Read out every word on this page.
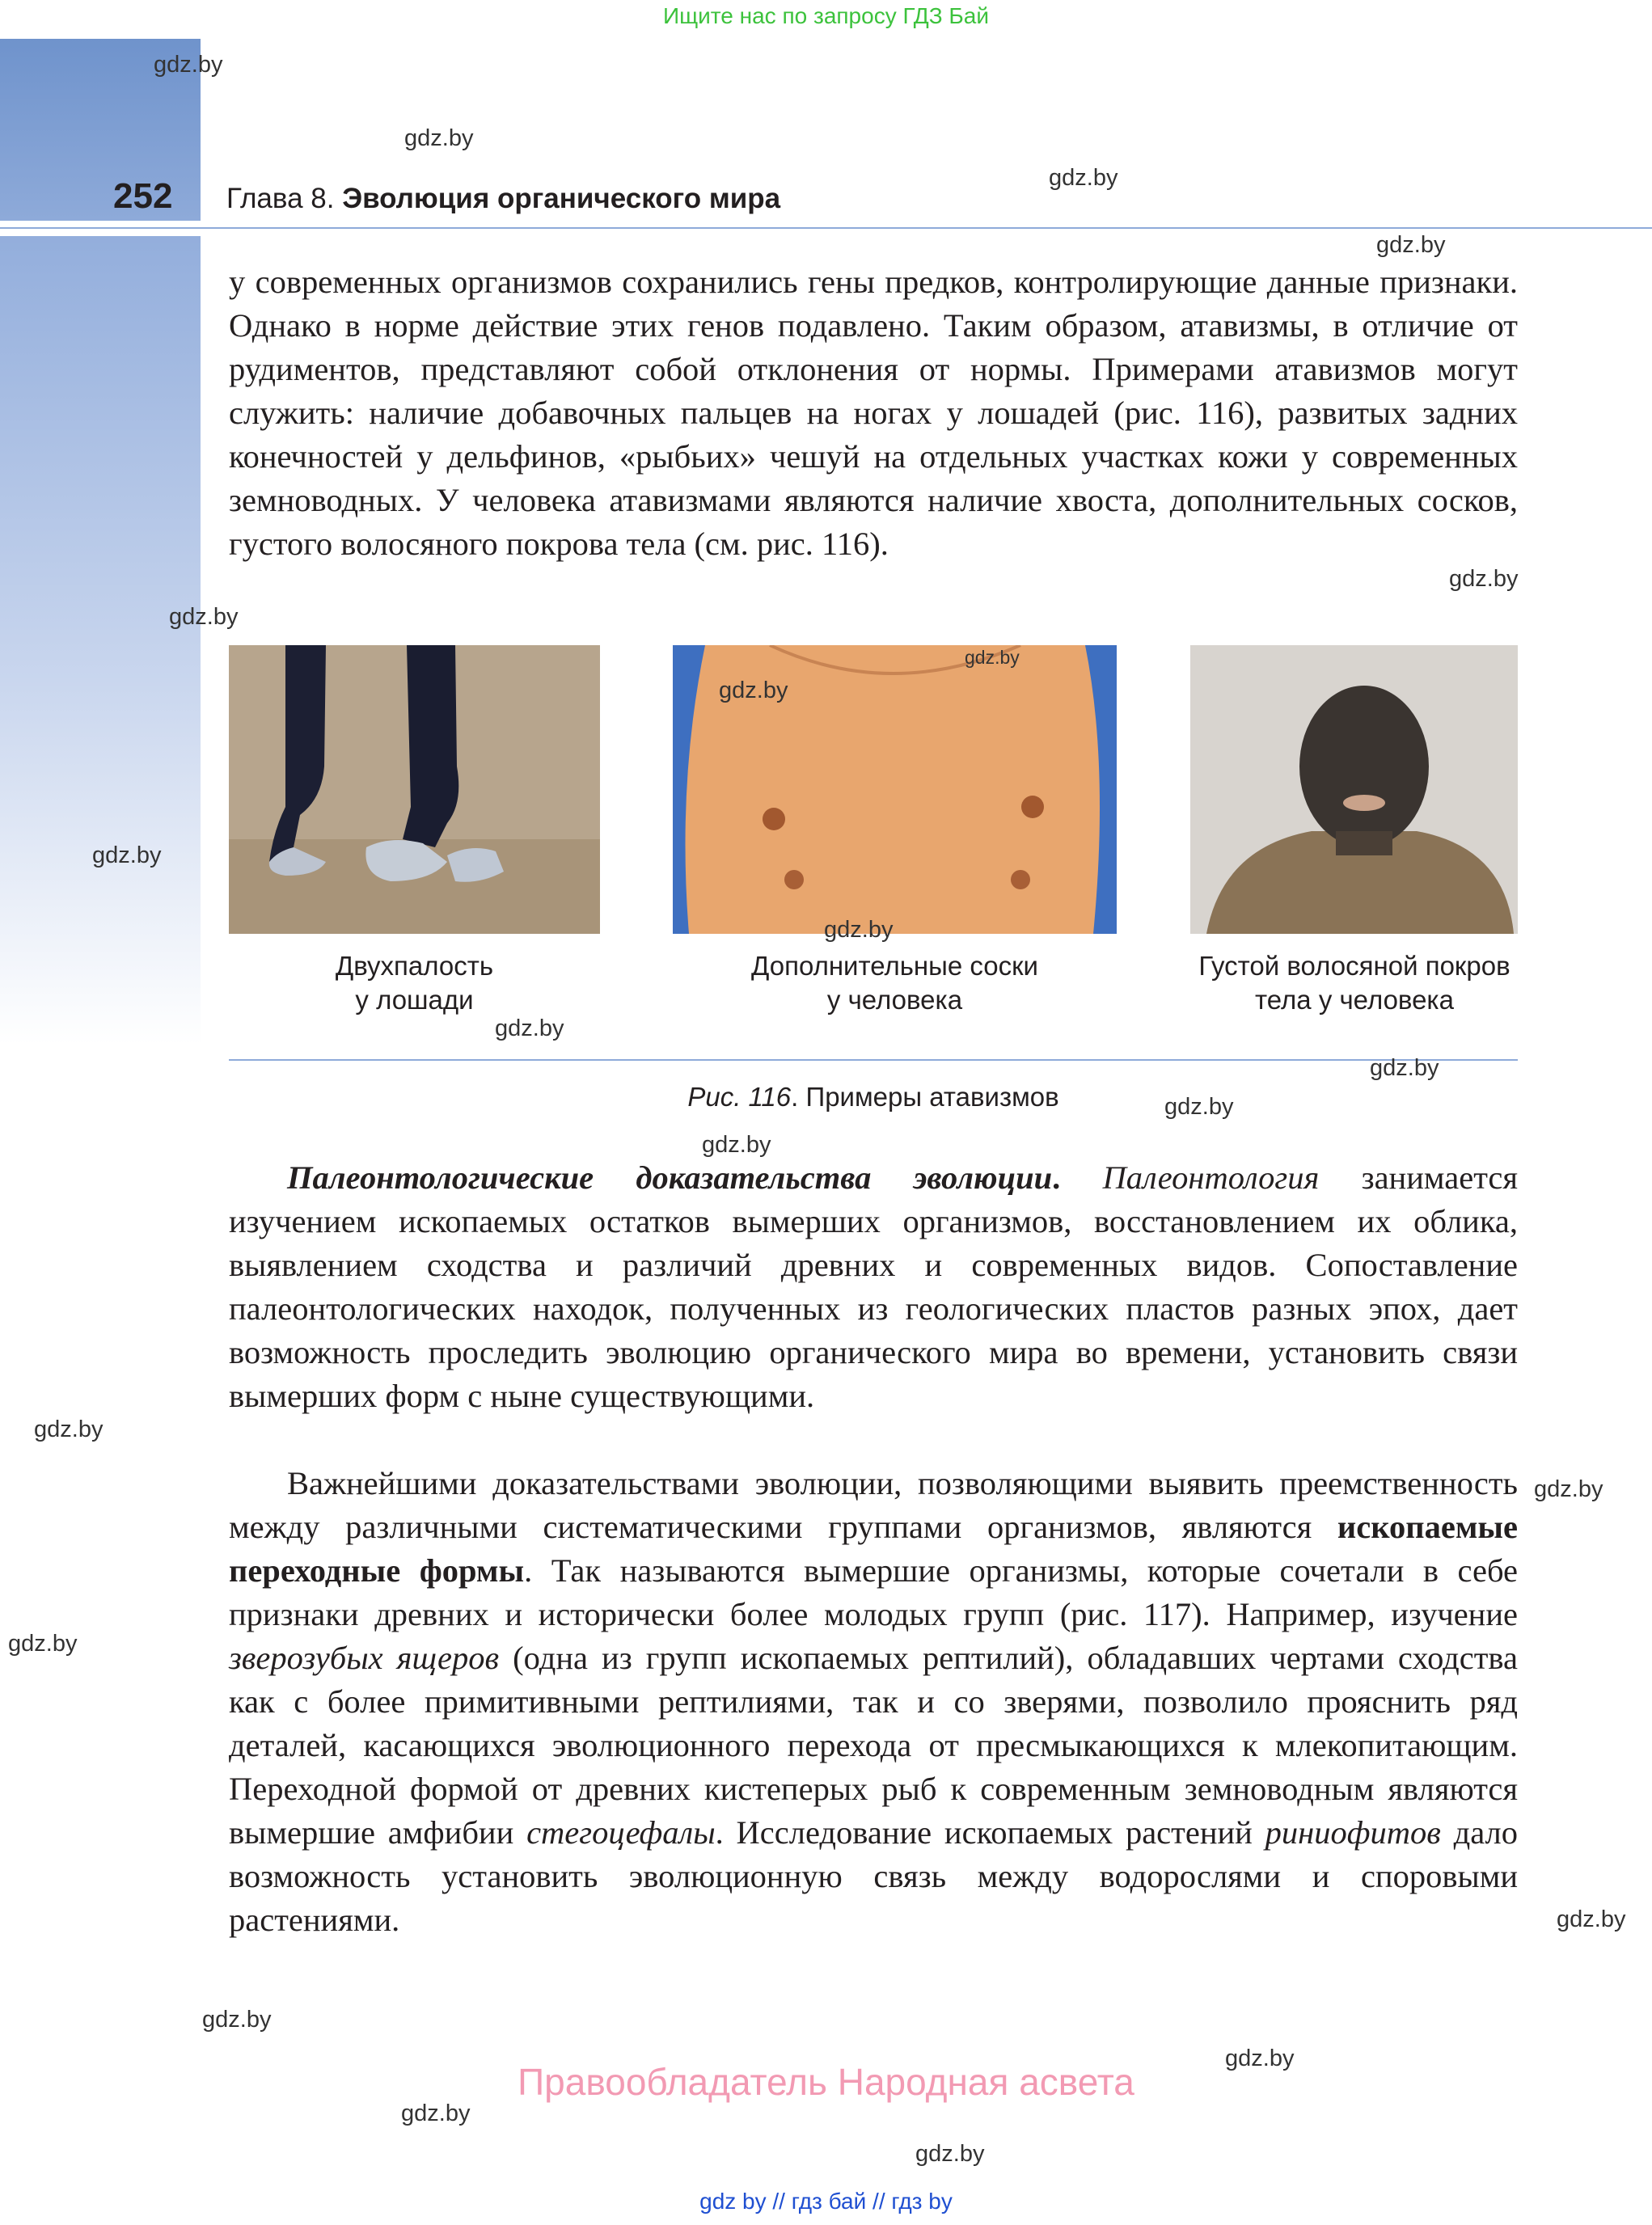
Ищите нас по запросу ГДЗ Бай
252 Глава 8. Эволюция органического мира

у современных организмов сохранились гены предков, контролирующие данные признаки. Однако в норме действие этих генов подавлено. Таким образом, атавизмы, в отличие от рудиментов, представляют собой отклонения от нормы. Примерами атавизмов могут служить: наличие добавочных пальцев на ногах у лошадей (рис. 116), развитых задних конечностей у дельфинов, «рыбьих» чешуй на отдельных участках кожи у современных земноводных. У человека атавизмами являются наличие хвоста, дополнительных сосков, густого волосяного покрова тела (см. рис. 116).

Двухпалость
у лошади
Дополнительные соски
у человека
Густой волосяной покров
тела у человека
Рис. 116. Примеры атавизмов

Палеонтологические доказательства эволюции. Палеонтология занимается изучением ископаемых остатков вымерших организмов, восстановлением их облика, выявлением сходства и различий древних и современных видов. Сопоставление палеонтологических находок, полученных из геологических пластов разных эпох, дает возможность проследить эволюцию органического мира во времени, установить связи вымерших форм с ныне существующими.

Важнейшими доказательствами эволюции, позволяющими выявить преемственность между различными систематическими группами организмов, являются ископаемые переходные формы. Так называются вымершие организмы, которые сочетали в себе признаки древних и исторически более молодых групп (рис. 117). Например, изучение зверозубых ящеров (одна из групп ископаемых рептилий), обладавших чертами сходства как с более примитивными рептилиями, так и со зверями, позволило прояснить ряд деталей, касающихся эволюционного перехода от пресмыкающихся к млекопитающим. Переходной формой от древних кистеперых рыб к современным земноводным являются вымершие амфибии стегоцефалы. Исследование ископаемых растений риниофитов дало возможность установить эволюционную связь между водорослями и споровыми растениями.

gdz.by
gdz.by
gdz.by
gdz.by
gdz.by
gdz.by
gdz.by
gdz.by
gdz.by
gdz.by
gdz.by
gdz.by
gdz.by
gdz.by
gdz.by
gdz.by
gdz.by
gdz.by
gdz.by
gdz.by
gdz.by
gdz.by
Правообладатель Народная асвета
gdz by // гдз бай // гдз by
